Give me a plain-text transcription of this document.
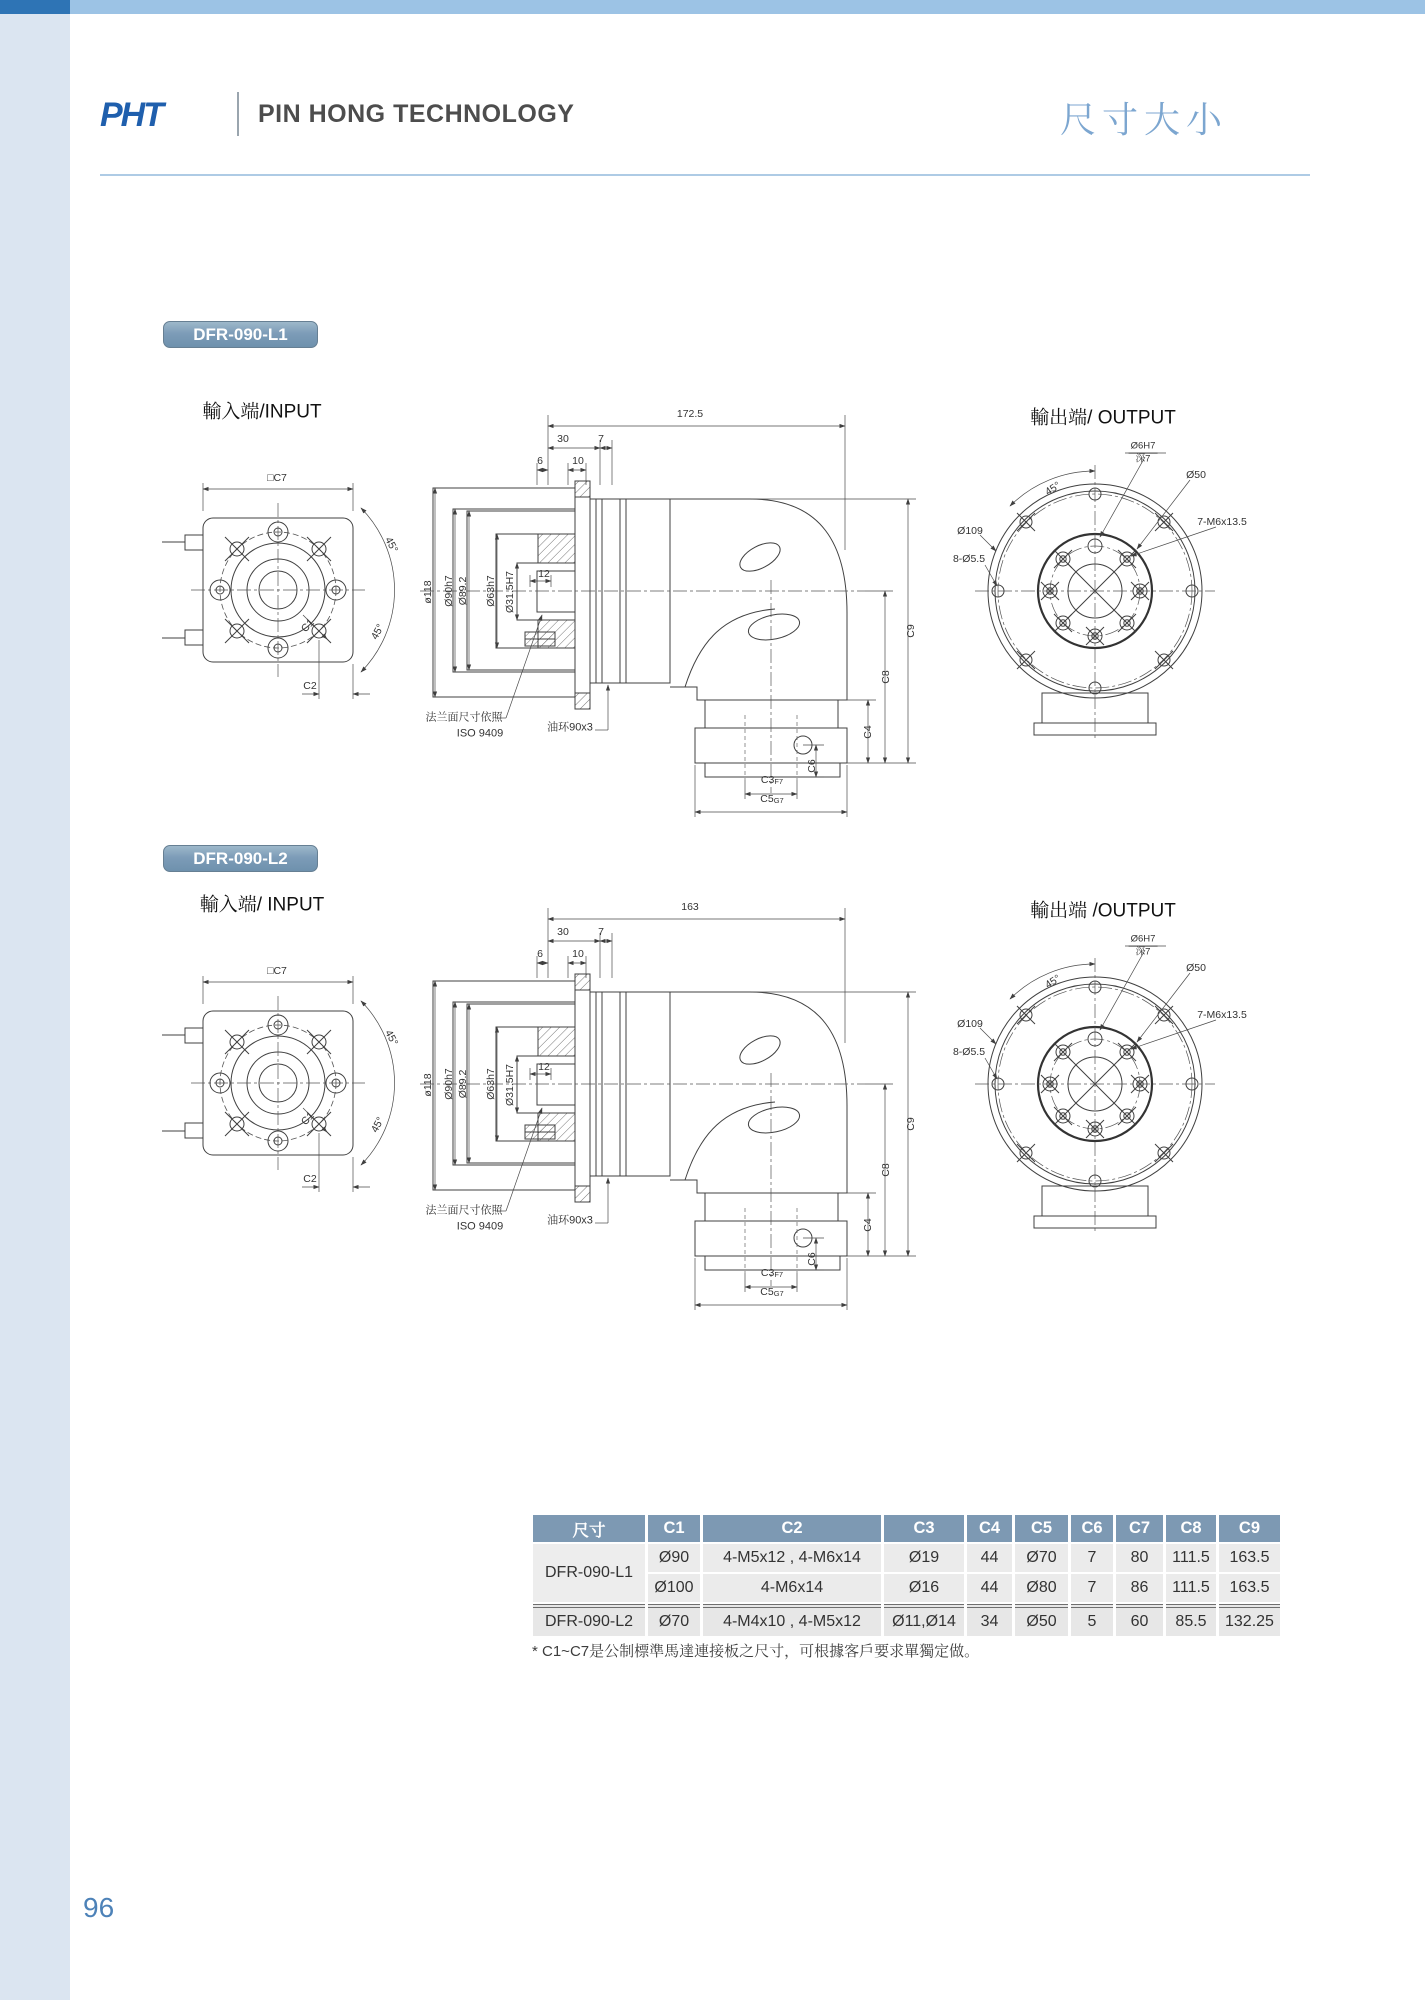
PHT	PIN HONG TECHNOLOGY	尺寸大小
DFR-090-L1
DFR-090-L2
輸入端/INPUT	輸出端/ OUTPUT
□C7
45°
45°
C1
C2
172.5
30	7
6	10
ø118 Ø90h7 Ø89.2 Ø63h7 Ø31.5H7 12
法兰面尺寸依照
ISO 9409	油环90x3
C3F7
C5G7
C6
C4
C8
C9
Ø6H7
深7
Ø50
45°
Ø109
8-Ø5.5
7-M6x13.5
輸入端/ INPUT	輸出端 /OUTPUT
□C7
45°
45°
C1
C2
163
30	7
6	10
ø118 Ø90h7 Ø89.2 Ø63h7 Ø31.5H7 12
法兰面尺寸依照
ISO 9409	油环90x3
C3F7
C5G7
C6
C4
C8
C9
Ø6H7
深7
Ø50
45°
Ø109
8-Ø5.5
7-M6x13.5
尺寸	C1	C2	C3	C4	C5	C6	C7	C8	C9
DFR-090-L1	Ø90	4-M5x12 , 4-M6x14	Ø19	44	Ø70	7	80	111.5	163.5
	Ø100	4-M6x14	Ø16	44	Ø80	7	86	111.5	163.5
DFR-090-L2	Ø70	4-M4x10 , 4-M5x12	Ø11,Ø14	34	Ø50	5	60	85.5	132.25
* C1~C7是公制標準馬達連接板之尺寸，可根據客戶要求單獨定做。
96
